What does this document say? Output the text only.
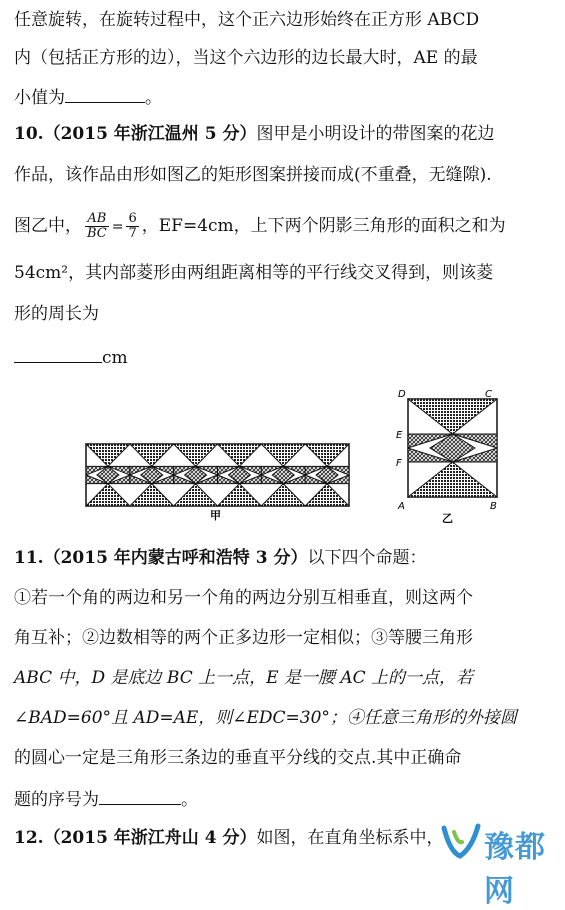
任意旋转，在旋转过程中，这个正六边形始终在正方形 ABCD
内（包括正方形的边），当这个六边形的边长最大时，AE 的最
小值为	。
10.（2015 年浙江温州 5 分）图甲是小明设计的带图案的花边
作品，该作品由形如图乙的矩形图案拼接而成(不重叠，无缝隙).
图乙中， $\frac{AB}{BC} = \frac{6}{7}$ ，EF=4cm，上下两个阴影三角形的面积之和为
54cm²，其内部菱形由两组距离相等的平行线交叉得到，则该菱
形的周长为
cm
甲
D	C
E
F
A	B
乙
11.（2015 年内蒙古呼和浩特 3 分）以下四个命题：
①若一个角的两边和另一个角的两边分别互相垂直，则这两个
角互补；②边数相等的两个正多边形一定相似；③等腰三角形
ABC 中，D 是底边 BC 上一点，E 是一腰 AC 上的一点，若
∠BAD=60°且 AD=AE，则∠EDC=30°；④任意三角形的外接圆
的圆心一定是三角形三条边的垂直平分线的交点.其中正确命
题的序号为	。
12.（2015 年浙江舟山 4 分）如图，在直角坐标系中， 豫都网
